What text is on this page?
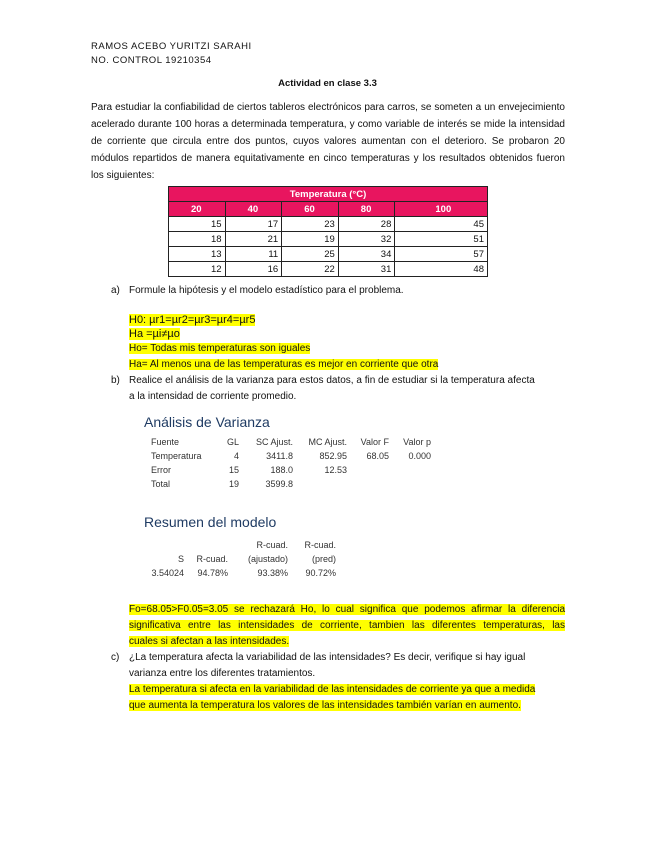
RAMOS ACEBO YURITZI SARAHI
NO. CONTROL 19210354
Actividad en clase 3.3
Para estudiar la confiabilidad de ciertos tableros electrónicos para carros, se someten a un envejecimiento acelerado durante 100 horas a determinada temperatura, y como variable de interés se mide la intensidad de corriente que circula entre dos puntos, cuyos valores aumentan con el deterioro. Se probaron 20 módulos repartidos de manera equitativamente en cinco temperaturas y los resultados obtenidos fueron los siguientes:
Temperatura (°C)				
20	40	60	80	100
15	17	23	28	45
18	21	19	32	51
13	11	25	34	57
12	16	22	31	48
a) Formule la hipótesis y el modelo estadístico para el problema.
H0: µr1=µr2=µr3=µr4=µr5
Ha =µi≠µo
Ho= Todas mis temperaturas son iguales
Ha= Al menos una de las temperaturas es mejor en corriente que otra
b) Realice el análisis de la varianza para estos datos, a fin de estudiar si la temperatura afecta
a la intensidad de corriente promedio.
Análisis de Varianza
Fuente	GL	SC Ajust.	MC Ajust.	Valor F	Valor p
Temperatura	4	3411.8	852.95	68.05	0.000
Error	15	188.0	12.53		
Total	19	3599.8			
Resumen del modelo
		R-cuad.	R-cuad.
S	R-cuad.	(ajustado)	(pred)
3.54024	94.78%	93.38%	90.72%
Fo=68.05>F0.05=3.05 se rechazará Ho, lo cual significa que podemos afirmar la diferencia
significativa entre las intensidades de corriente, tambien las diferentes temperaturas, las
cuales si afectan a las intensidades.
c) ¿La temperatura afecta la variabilidad de las intensidades? Es decir, verifique si hay igual
varianza entre los diferentes tratamientos.
La temperatura si afecta en la variabilidad de las intensidades de corriente ya que a medida
que aumenta la temperatura los valores de las intensidades también varían en aumento.
